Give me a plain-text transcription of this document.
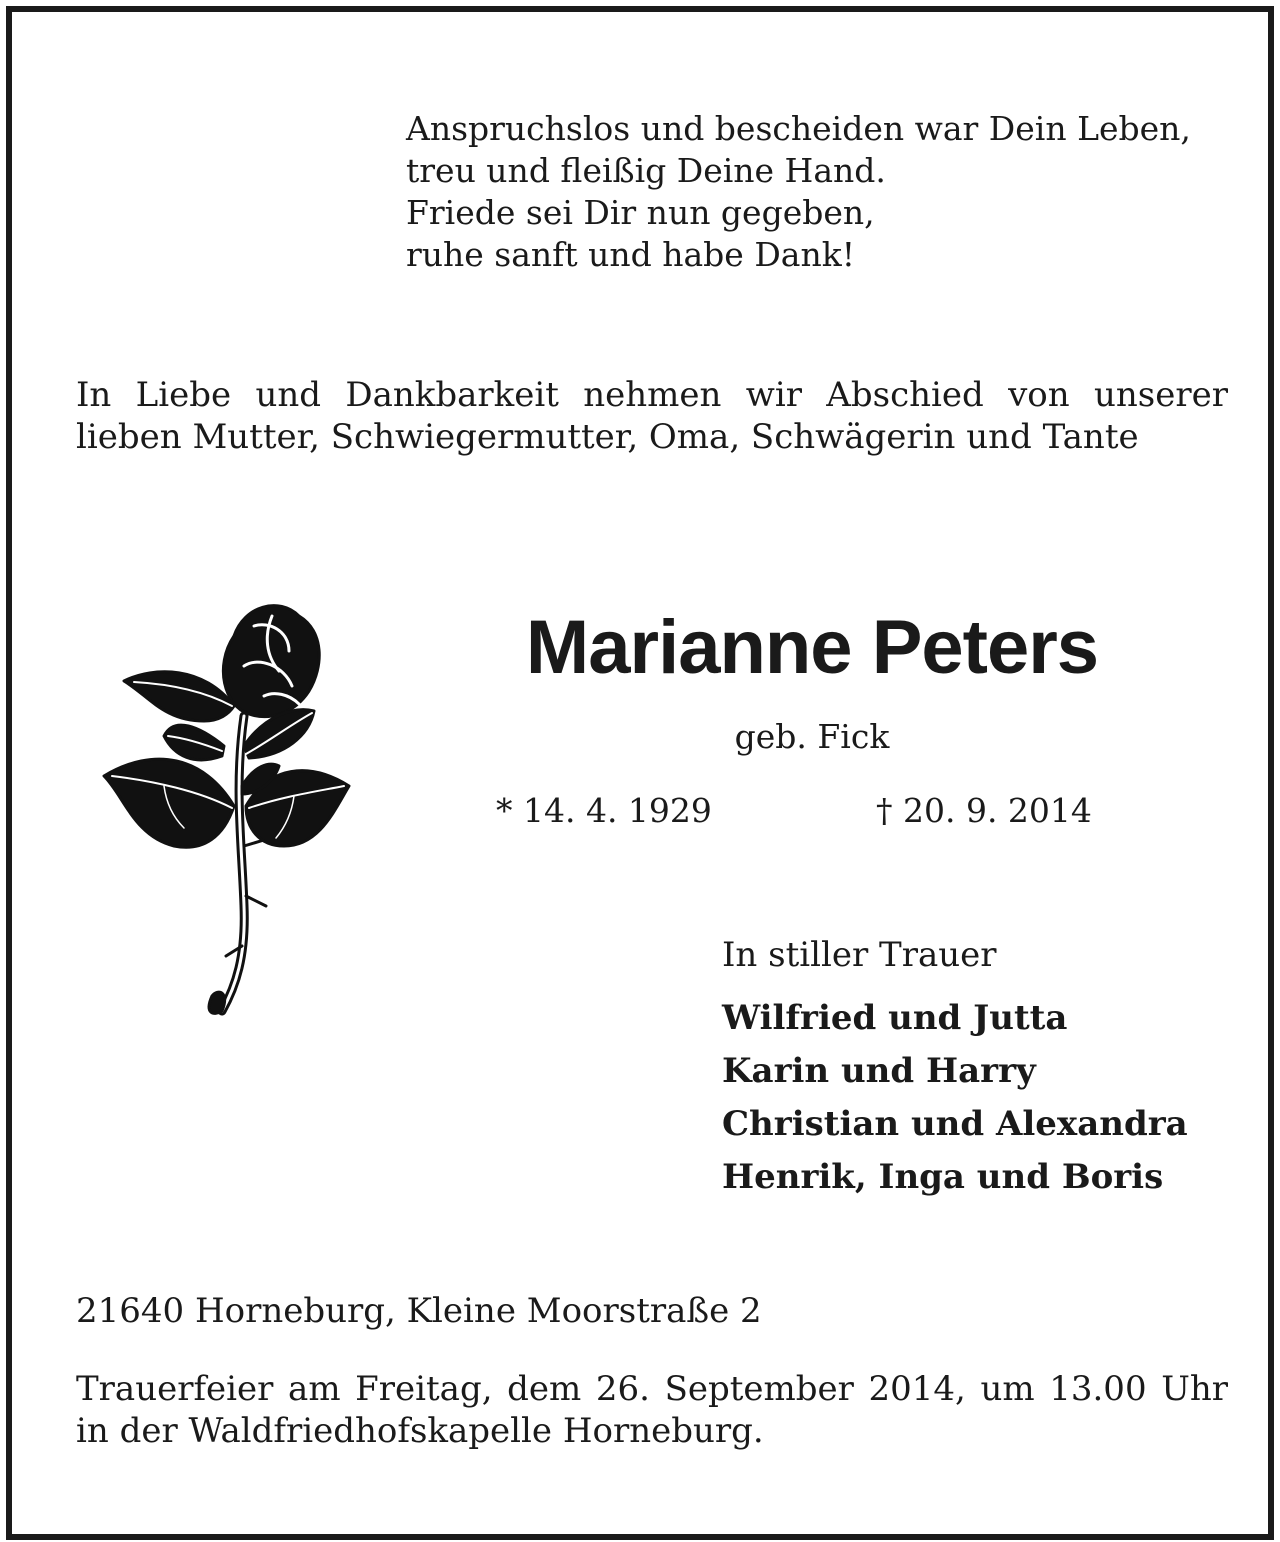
Anspruchslos und bescheiden war Dein Leben,
treu und fleißig Deine Hand.
Friede sei Dir nun gegeben,
ruhe sanft und habe Dank!
In Liebe und Dankbarkeit nehmen wir Abschied von unserer lieben Mutter, Schwiegermutter, Oma, Schwägerin und Tante
Marianne Peters
geb. Fick
* 14. 4. 1929	† 20. 9. 2014
In stiller Trauer
Wilfried und Jutta
Karin und Harry
Christian und Alexandra
Henrik, Inga und Boris
21640 Horneburg, Kleine Moorstraße 2
Trauerfeier am Freitag, dem 26. September 2014, um 13.00 Uhr in der Waldfriedhofskapelle Horneburg.
